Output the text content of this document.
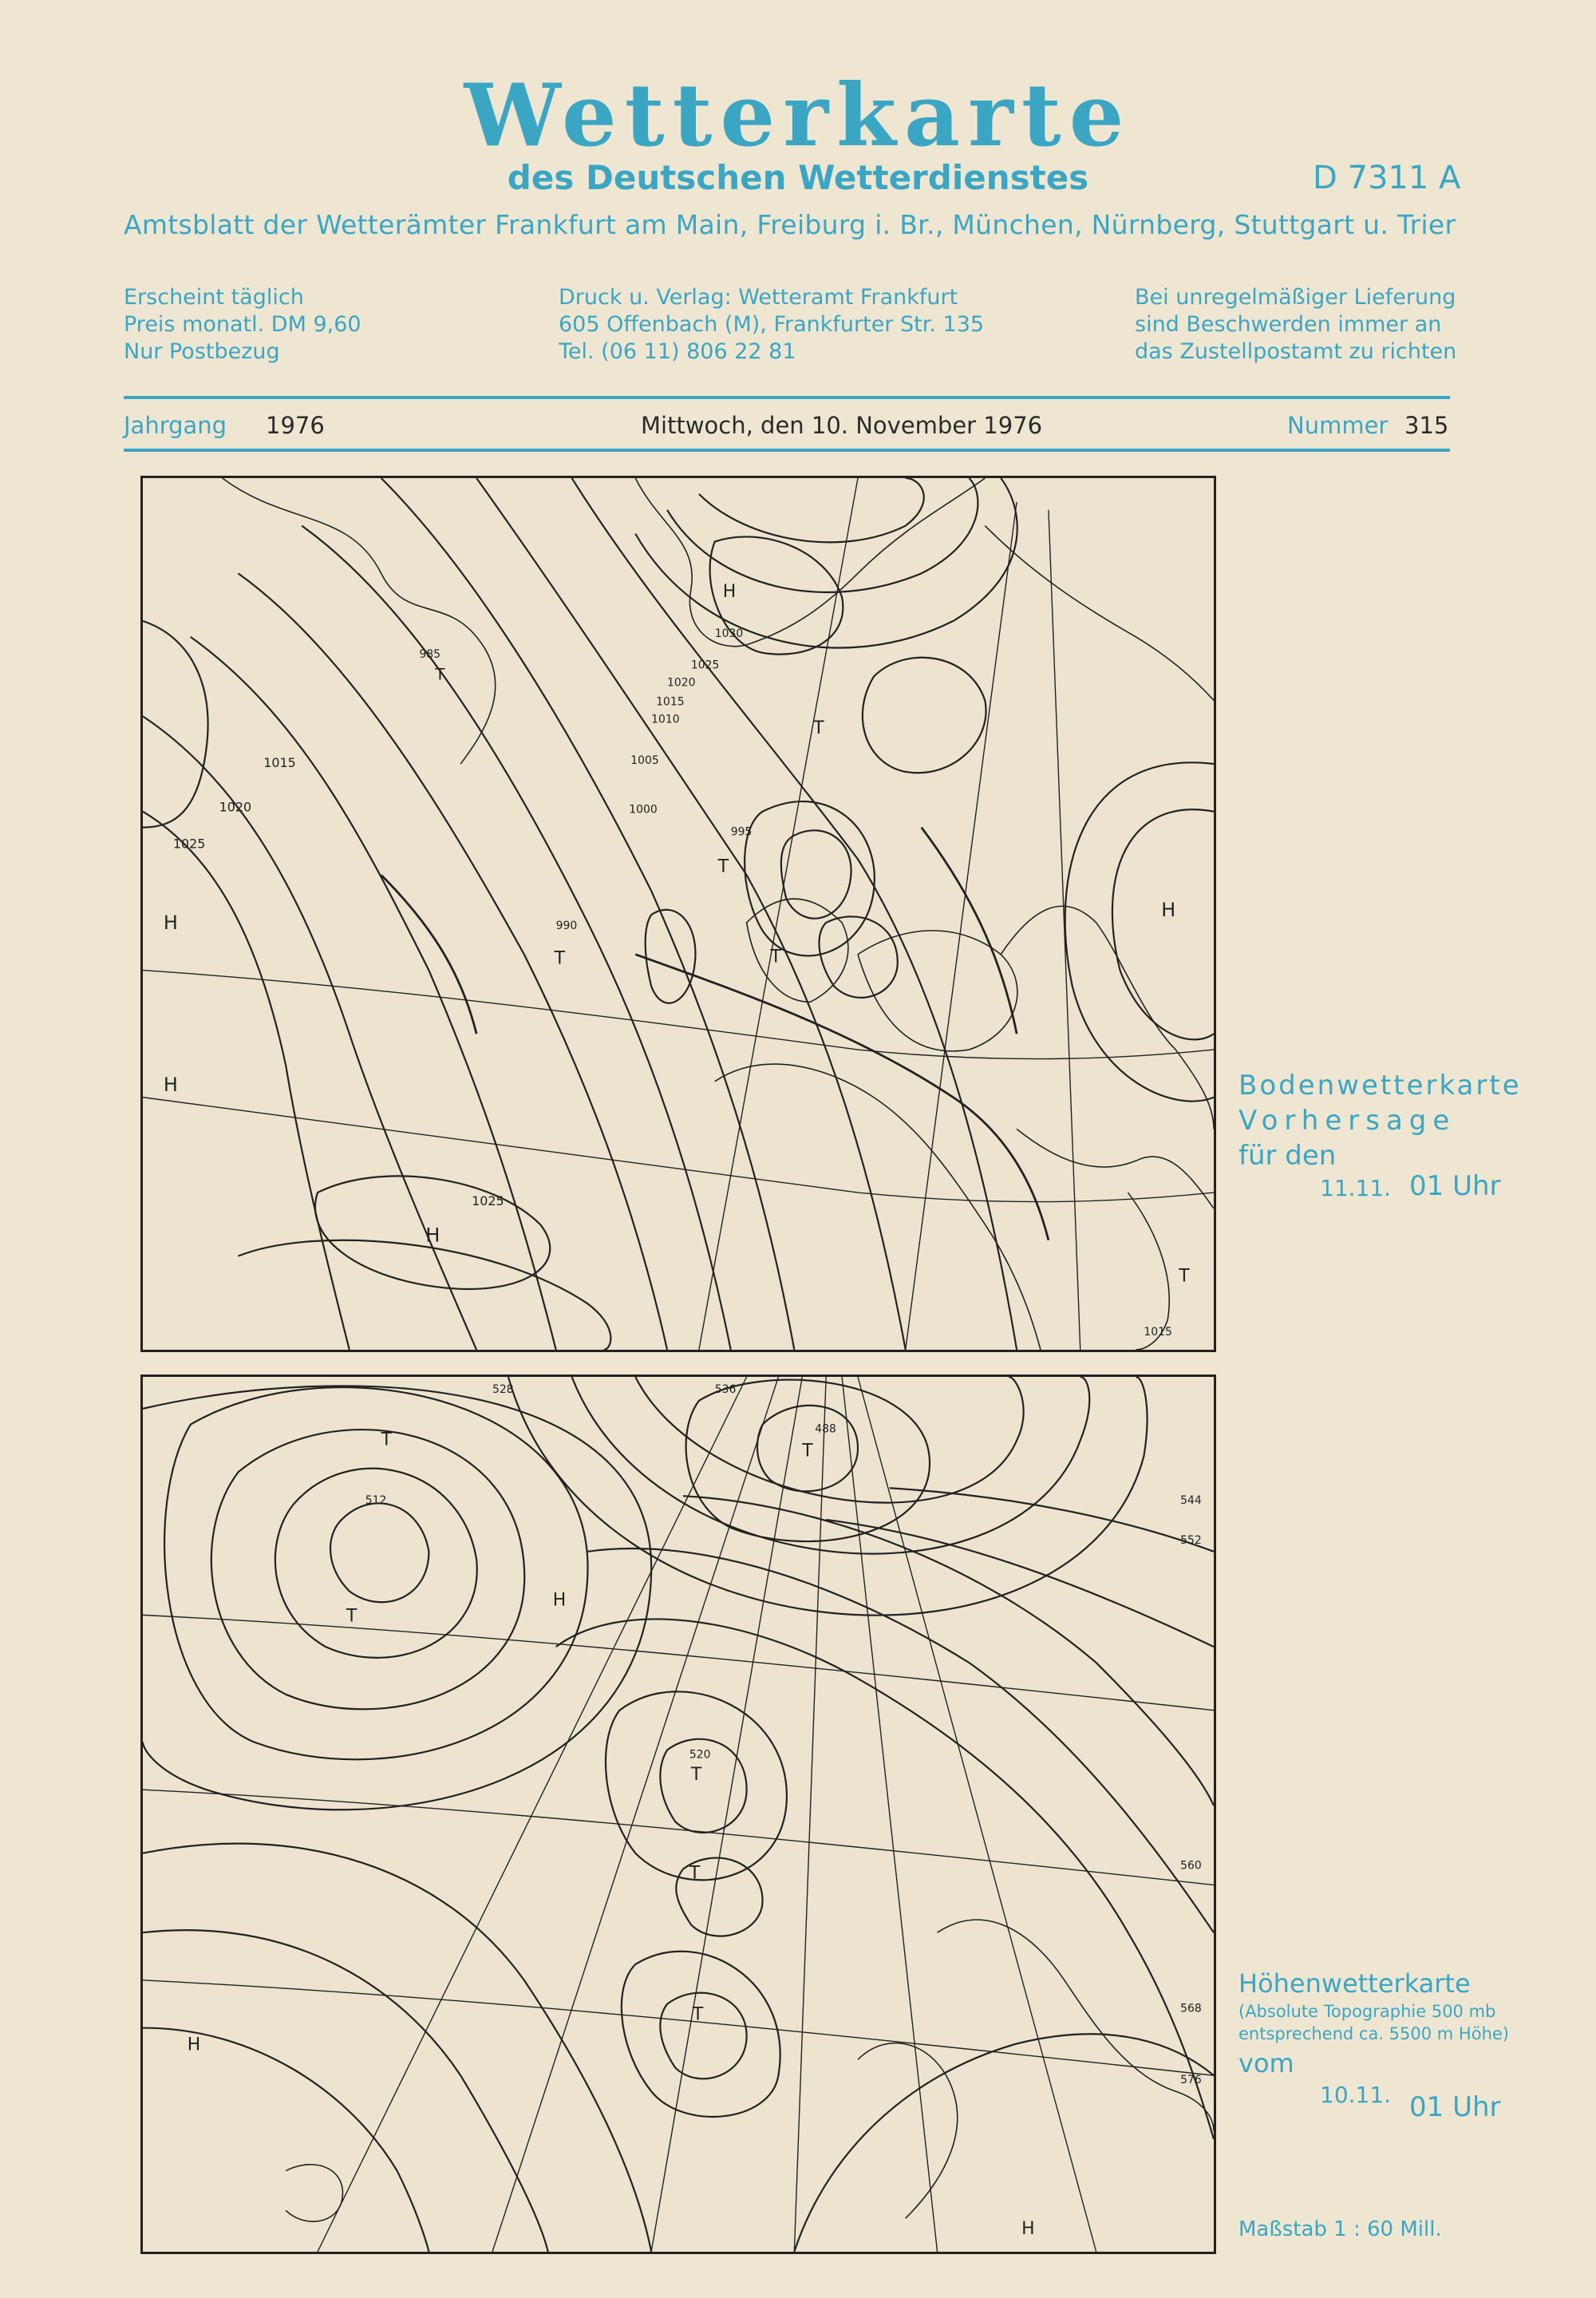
Wetterkarte
des Deutschen Wetterdienstes	D 7311 A
Amtsblatt der Wetterämter Frankfurt am Main, Freiburg i. Br., München, Nürnberg, Stuttgart u. Trier
Erscheint täglich
Preis monatl. DM 9,60
Nur Postbezug
Druck u. Verlag: Wetteramt Frankfurt
605 Offenbach (M), Frankfurter Str. 135
Tel. (06 11) 806 22 81
Bei unregelmäßiger Lieferung
sind Beschwerden immer an
das Zustellpostamt zu richten
Jahrgang 1976	Mittwoch, den 10. November 1976	Nummer 315
H
H
H
H
H
T
T
T
T
T
T
1030
1025
1020
1015
1010
1005
1000
995
990
985
1025
1020
1015
1025
1015
Bodenwetterkarte
Vorhersage
für den
11.11. 01 Uhr
T
T
T
T
T
T
H
H
H
536
528
520
512	544
552
560
568
576
488
Höhenwetterkarte
(Absolute Topographie 500 mb
entsprechend ca. 5500 m Höhe)
vom
10.11. 01 Uhr
Maßstab 1 : 60 Mill.
